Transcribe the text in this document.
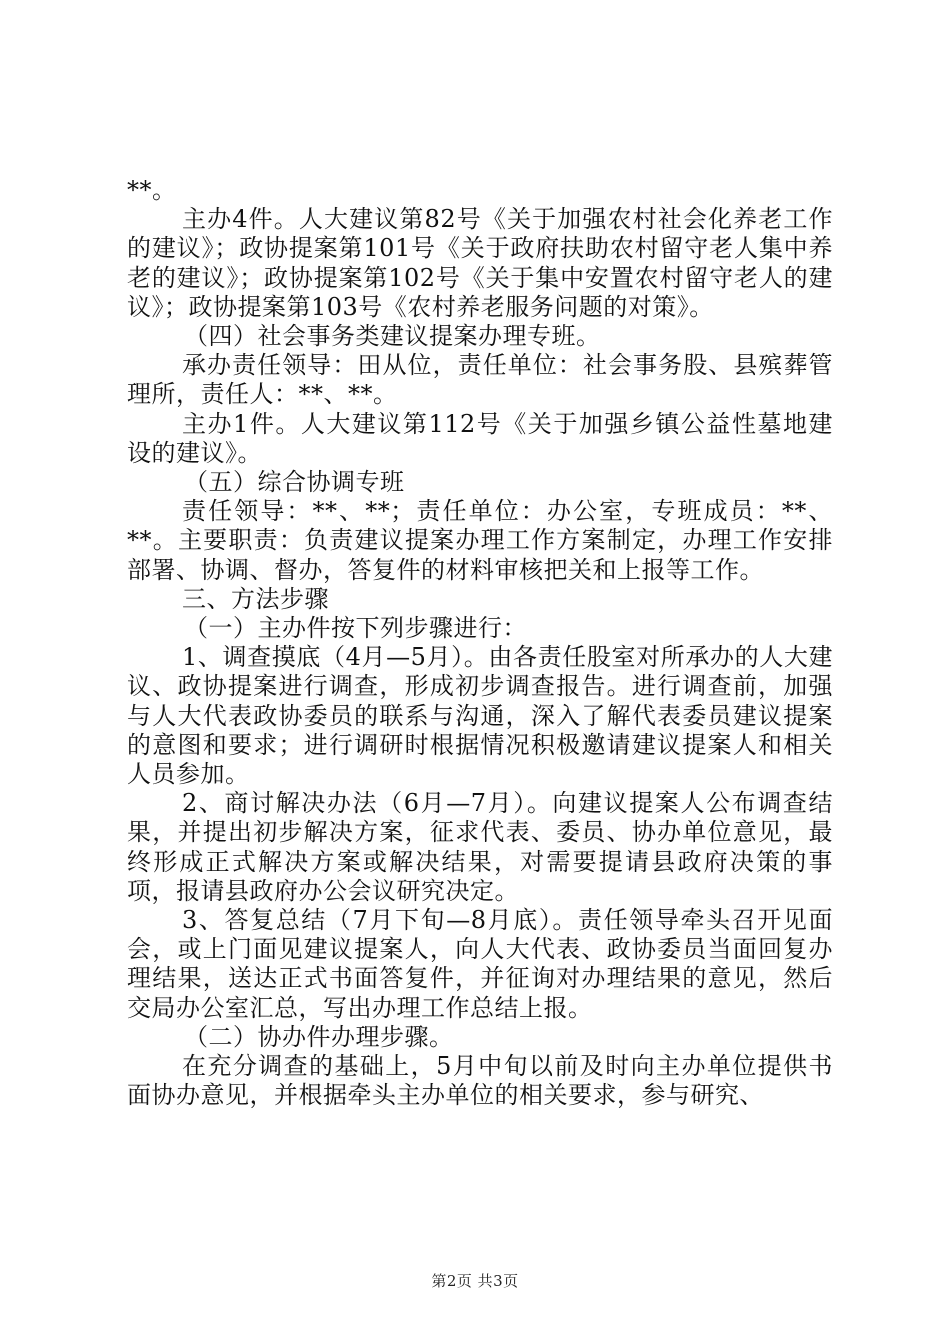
**。

主办4件。人大建议第82号《关于加强农村社会化养老工作的建议》；政协提案第101号《关于政府扶助农村留守老人集中养老的建议》；政协提案第102号《关于集中安置农村留守老人的建议》；政协提案第103号《农村养老服务问题的对策》。

（四）社会事务类建议提案办理专班。

承办责任领导：田从位，责任单位：社会事务股、县殡葬管理所，责任人：**、**。

主办1件。人大建议第112号《关于加强乡镇公益性墓地建设的建议》。

（五）综合协调专班

责任领导：**、**；责任单位：办公室，专班成员：**、**。主要职责：负责建议提案办理工作方案制定，办理工作安排部署、协调、督办，答复件的材料审核把关和上报等工作。

三、方法步骤

（一）主办件按下列步骤进行：

1、调查摸底（4月—5月）。由各责任股室对所承办的人大建议、政协提案进行调查，形成初步调查报告。进行调查前，加强与人大代表政协委员的联系与沟通，深入了解代表委员建议提案的意图和要求；进行调研时根据情况积极邀请建议提案人和相关人员参加。

2、商讨解决办法（6月—7月）。向建议提案人公布调查结果，并提出初步解决方案，征求代表、委员、协办单位意见，最终形成正式解决方案或解决结果，对需要提请县政府决策的事项，报请县政府办公会议研究决定。

3、答复总结（7月下旬—8月底）。责任领导牵头召开见面会，或上门面见建议提案人，向人大代表、政协委员当面回复办理结果，送达正式书面答复件，并征询对办理结果的意见，然后交局办公室汇总，写出办理工作总结上报。

（二）协办件办理步骤。

在充分调查的基础上，5月中旬以前及时向主办单位提供书面协办意见，并根据牵头主办单位的相关要求，参与研究、

第2页 共3页
